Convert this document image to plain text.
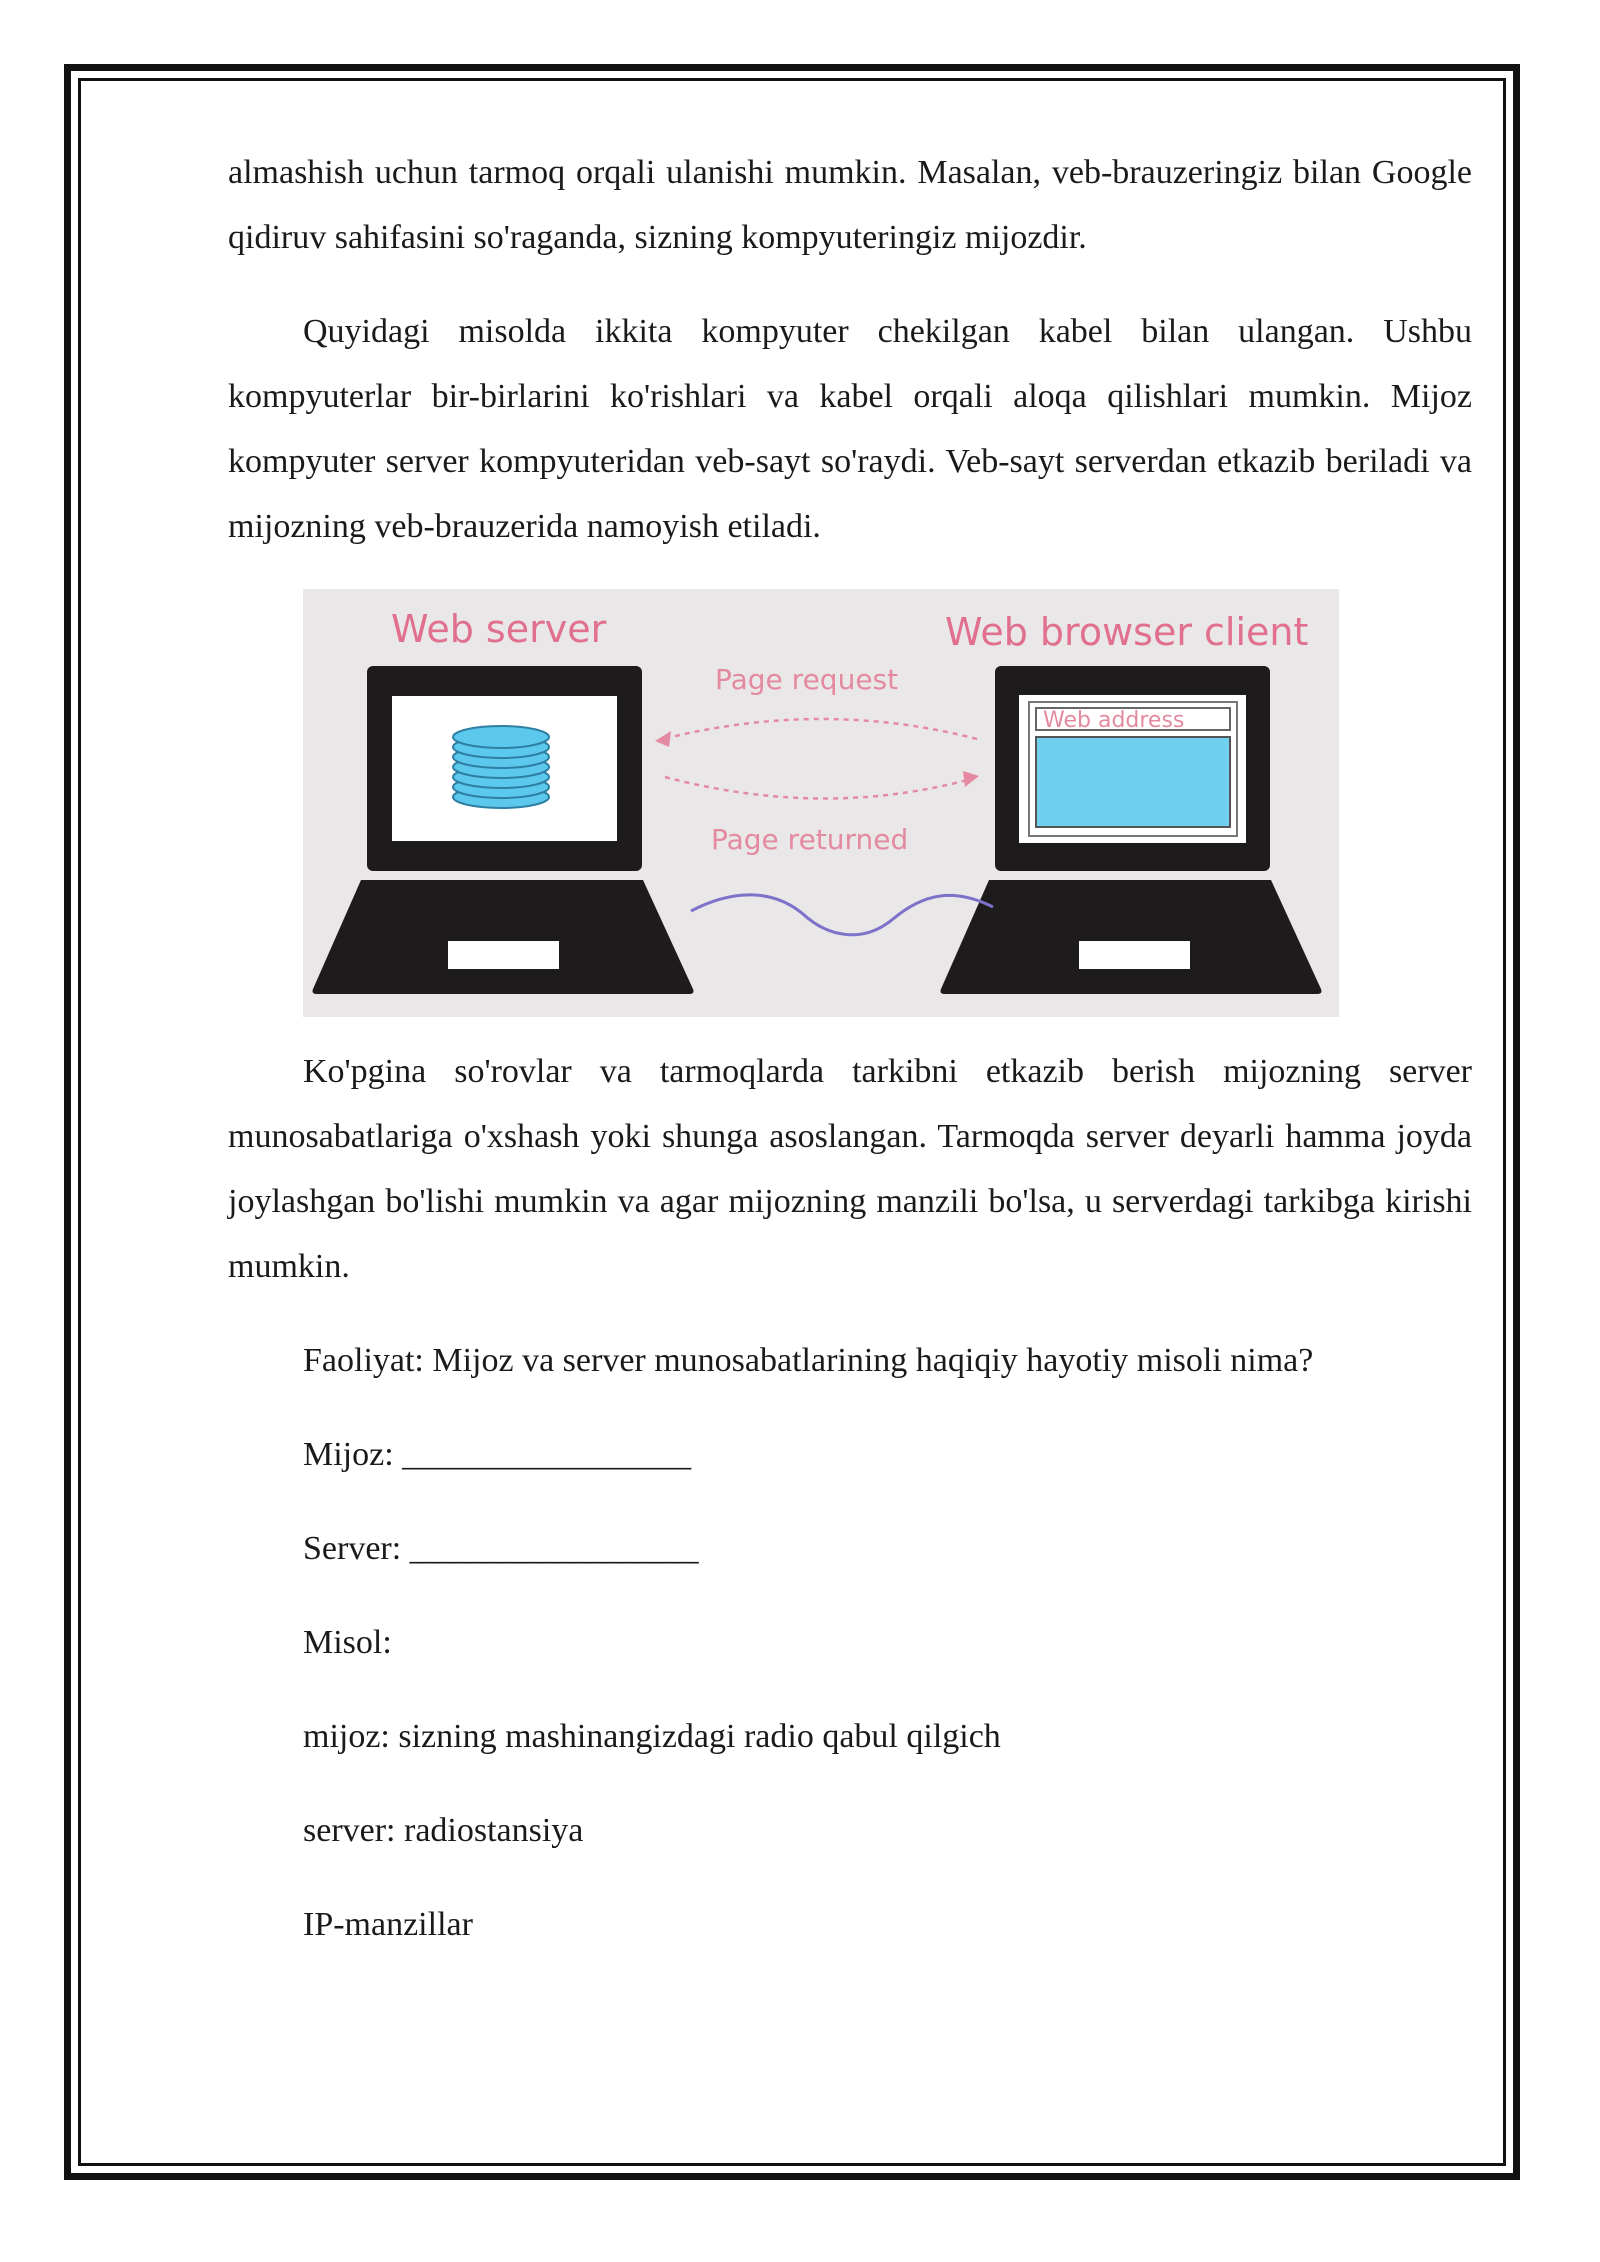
almashish uchun tarmoq orqali ulanishi mumkin. Masalan, veb-brauzeringiz bilan Google qidiruv sahifasini so'raganda, sizning kompyuteringiz mijozdir.

Quyidagi misolda ikkita kompyuter chekilgan kabel bilan ulangan. Ushbu kompyuterlar bir-birlarini ko'rishlari va kabel orqali aloqa qilishlari mumkin. Mijoz kompyuter server kompyuteridan veb-sayt so'raydi. Veb-sayt serverdan etkazib beriladi va mijozning veb-brauzerida namoyish etiladi.

Web address
Web server	Web browser client
Page request
Page returned

Ko'pgina so'rovlar va tarmoqlarda tarkibni etkazib berish mijozning server munosabatlariga o'xshash yoki shunga asoslangan. Tarmoqda server deyarli hamma joyda joylashgan bo'lishi mumkin va agar mijozning manzili bo'lsa, u serverdagi tarkibga kirishi mumkin.

Faoliyat: Mijoz va server munosabatlarining haqiqiy hayotiy misoli nima?
Mijoz: _________________
Server: _________________
Misol:
mijoz: sizning mashinangizdagi radio qabul qilgich
server: radiostansiya
IP-manzillar
